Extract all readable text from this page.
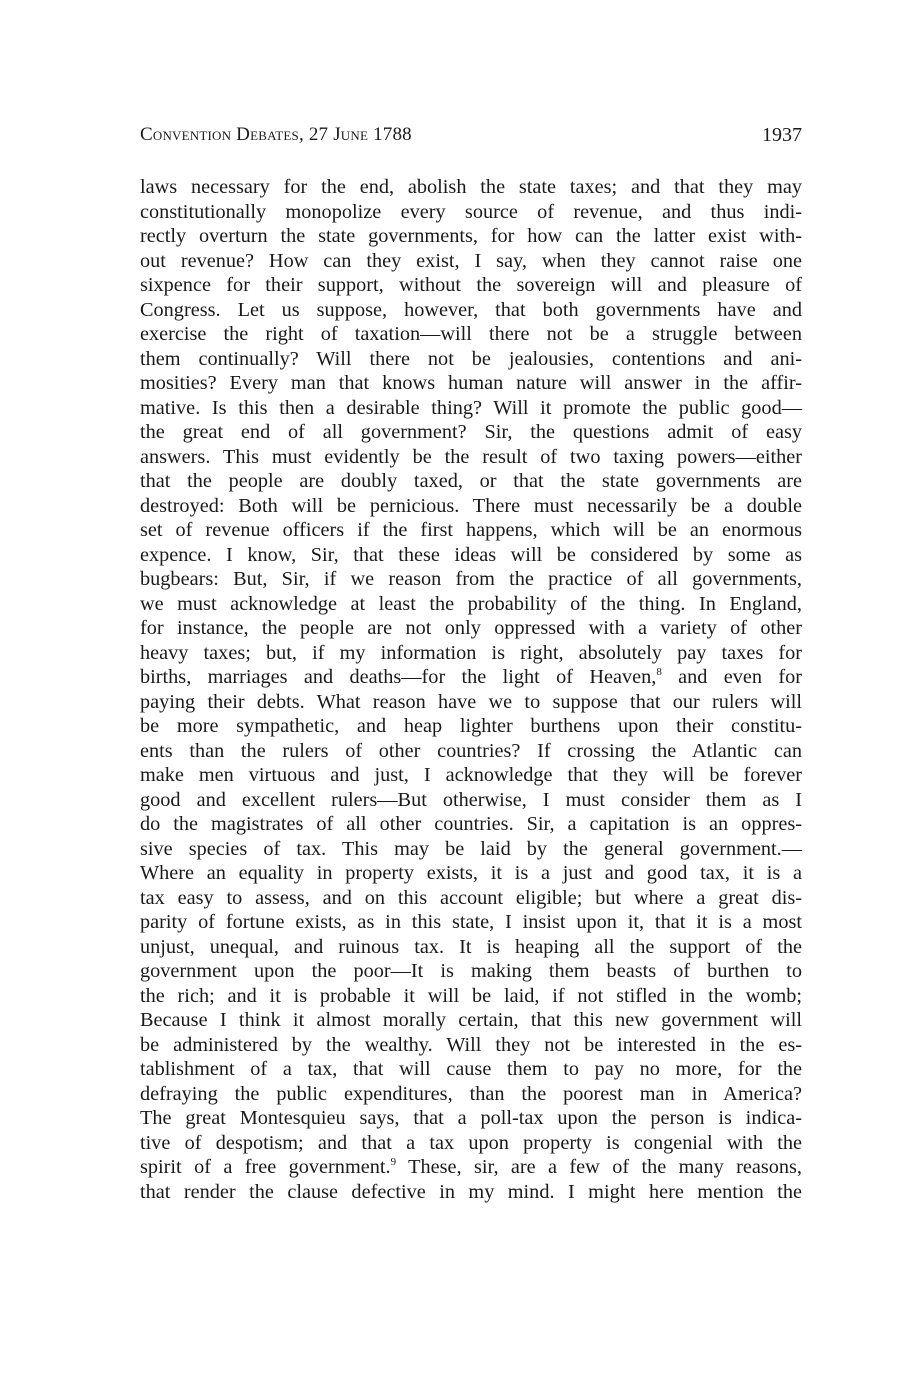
Convention Debates, 27 June 1788	1937
laws necessary for the end, abolish the state taxes; and that they may
constitutionally monopolize every source of revenue, and thus indi-
rectly overturn the state governments, for how can the latter exist with-
out revenue? How can they exist, I say, when they cannot raise one
sixpence for their support, without the sovereign will and pleasure of
Congress. Let us suppose, however, that both governments have and
exercise the right of taxation—will there not be a struggle between
them continually? Will there not be jealousies, contentions and ani-
mosities? Every man that knows human nature will answer in the affir-
mative. Is this then a desirable thing? Will it promote the public good—
the great end of all government? Sir, the questions admit of easy
answers. This must evidently be the result of two taxing powers—either
that the people are doubly taxed, or that the state governments are
destroyed: Both will be pernicious. There must necessarily be a double
set of revenue officers if the first happens, which will be an enormous
expence. I know, Sir, that these ideas will be considered by some as
bugbears: But, Sir, if we reason from the practice of all governments,
we must acknowledge at least the probability of the thing. In England,
for instance, the people are not only oppressed with a variety of other
heavy taxes; but, if my information is right, absolutely pay taxes for
births, marriages and deaths—for the light of Heaven,$^8$ and even for
paying their debts. What reason have we to suppose that our rulers will
be more sympathetic, and heap lighter burthens upon their constitu-
ents than the rulers of other countries? If crossing the Atlantic can
make men virtuous and just, I acknowledge that they will be forever
good and excellent rulers—But otherwise, I must consider them as I
do the magistrates of all other countries. Sir, a capitation is an oppres-
sive species of tax. This may be laid by the general government.—
Where an equality in property exists, it is a just and good tax, it is a
tax easy to assess, and on this account eligible; but where a great dis-
parity of fortune exists, as in this state, I insist upon it, that it is a most
unjust, unequal, and ruinous tax. It is heaping all the support of the
government upon the poor—It is making them beasts of burthen to
the rich; and it is probable it will be laid, if not stifled in the womb;
Because I think it almost morally certain, that this new government will
be administered by the wealthy. Will they not be interested in the es-
tablishment of a tax, that will cause them to pay no more, for the
defraying the public expenditures, than the poorest man in America?
The great Montesquieu says, that a poll-tax upon the person is indica-
tive of despotism; and that a tax upon property is congenial with the
spirit of a free government.$^9$ These, sir, are a few of the many reasons,
that render the clause defective in my mind. I might here mention the
